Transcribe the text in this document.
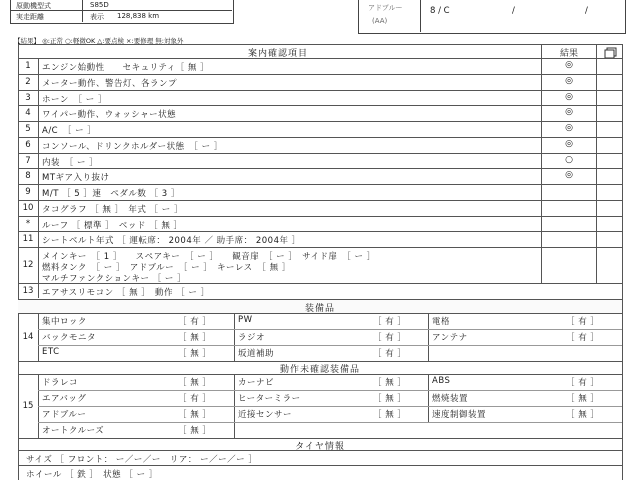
原動機型式	S85D
実走距離	表示 128,838 km
アドブルー
(AA)
8 / C	/	/
【結果】 ◎:正常 ○:軽微OK △:要点検 ×:要修理 無:対象外
案内確認項目	結果
1	エンジン始動性　　セキュリティ［ 無 ］	◎
2	メーター動作、警告灯、各ランプ	◎
3	ホーン　［ ー ］	◎
4	ワイパー動作、ウォッシャー状態	◎
5	A/C　［ ー ］	◎
6	コンソール、ドリンクホルダー状態　［ ー ］	◎
7	内装　［ ー ］	○
8	MTギア入り抜け	◎
9	M/T ［ 5 ］速　ペダル数 ［ 3 ］
10	タコグラフ ［ 無 ］　年式 ［ ー ］
*	ルーフ ［ 標準 ］　ベッド ［ 無 ］
11	シートベルト年式 ［ 運転席： 2004年 ／ 助手席： 2004年 ］
12
メインキー　［ 1 ］　　スペアキー　［ ー ］　　観音扉　［ ー ］　サイド扉　［ ー ］
燃料タンク　［ ー ］　アドブルー　［ ー ］　キーレス　［ 無 ］
マルチファンクションキー ［ ー ］
13	エアサスリモコン ［ 無 ］　動作 ［ ー ］
装備品
14
集中ロック	［ 有 ］	PW	［ 有 ］	電格	［ 有 ］
バックモニタ	［ 無 ］	ラジオ	［ 有 ］	アンテナ	［ 有 ］
ETC	［ 無 ］	坂道補助	［ 有 ］
動作未確認装備品
15
ドラレコ	［ 無 ］	カーナビ	［ 無 ］	ABS	［ 有 ］
エアバッグ	［ 有 ］	ヒーターミラー	［ 無 ］	燃焼装置	［ 無 ］
アドブルー	［ 無 ］	近接センサー	［ 無 ］	速度制御装置	［ 無 ］
オートクルーズ	［ 無 ］
タイヤ情報
サイズ ［ フロント： ー／ー／ー　リア： ー／ー／ー ］
ホイール ［ 鉄 ］　状態 ［ ー ］
